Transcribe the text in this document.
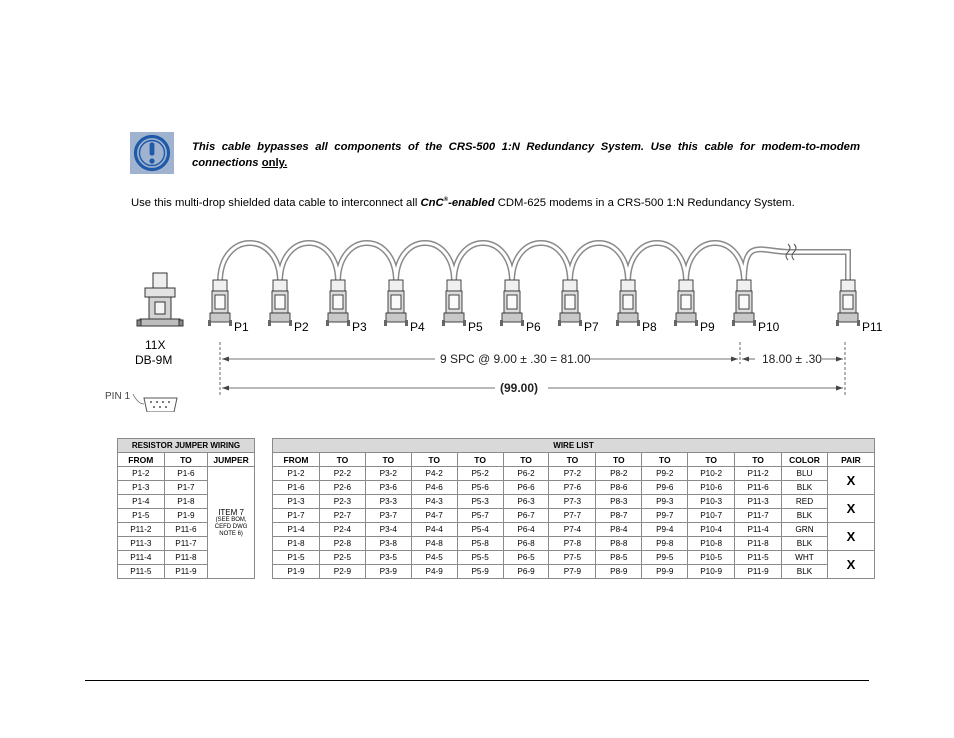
This cable bypasses all components of the CRS-500 1:N Redundancy System. Use this cable for modem-to-modem connections only.
Use this multi-drop shielded data cable to interconnect all CnC®-enabled CDM-625 modems in a CRS-500 1:N Redundancy System.
11X
DB-9M
PIN 1
P1	P2	P3	P4	P5	P6	P7	P8	P9	P10	P11
9 SPC @ 9.00 ± .30 = 81.00	18.00 ± .30
(99.00)
RESISTOR JUMPER WIRING		
FROM	TO	JUMPER
P1-2	P1-6	ITEM 7
(SEE BOM, CEFD DWG NOTE 6)

P1-3	P1-7	
P1-4	P1-8	
P1-5	P1-9	
P11-2	P11-6	
P11-3	P11-7	
P11-4	P11-8	
P11-5	P11-9	
WIRE LIST												
FROM	TO	TO	TO	TO	TO	TO	TO	TO	TO	TO	COLOR	PAIR
P1-2	P2-2	P3-2	P4-2	P5-2	P6-2	P7-2	P8-2	P9-2	P10-2	P11-2	BLU	X
P1-6	P2-6	P3-6	P4-6	P5-6	P6-6	P7-6	P8-6	P9-6	P10-6	P11-6	BLK	
P1-3	P2-3	P3-3	P4-3	P5-3	P6-3	P7-3	P8-3	P9-3	P10-3	P11-3	RED	X
P1-7	P2-7	P3-7	P4-7	P5-7	P6-7	P7-7	P8-7	P9-7	P10-7	P11-7	BLK	
P1-4	P2-4	P3-4	P4-4	P5-4	P6-4	P7-4	P8-4	P9-4	P10-4	P11-4	GRN	X
P1-8	P2-8	P3-8	P4-8	P5-8	P6-8	P7-8	P8-8	P9-8	P10-8	P11-8	BLK	
P1-5	P2-5	P3-5	P4-5	P5-5	P6-5	P7-5	P8-5	P9-5	P10-5	P11-5	WHT	X
P1-9	P2-9	P3-9	P4-9	P5-9	P6-9	P7-9	P8-9	P9-9	P10-9	P11-9	BLK	
